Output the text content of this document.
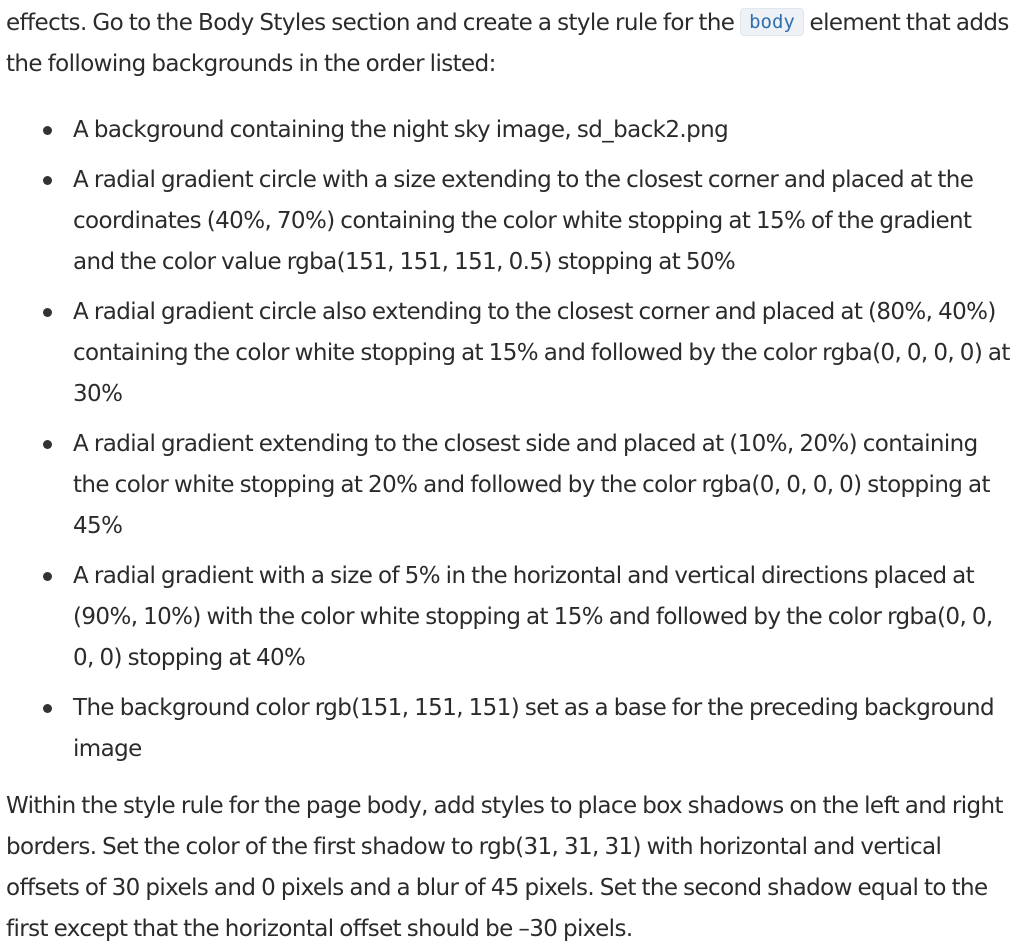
effects. Go to the Body Styles section and create a style rule for the body element that adds the following backgrounds in the order listed:

A background containing the night sky image, sd_back2.png
A radial gradient circle with a size extending to the closest corner and placed at the coordinates (40%, 70%) containing the color white stopping at 15% of the gradient and the color value rgba(151, 151, 151, 0.5) stopping at 50%
A radial gradient circle also extending to the closest corner and placed at (80%, 40%) containing the color white stopping at 15% and followed by the color rgba(0, 0, 0, 0) at 30%
A radial gradient extending to the closest side and placed at (10%, 20%) containing the color white stopping at 20% and followed by the color rgba(0, 0, 0, 0) stopping at 45%
A radial gradient with a size of 5% in the horizontal and vertical directions placed at (90%, 10%) with the color white stopping at 15% and followed by the color rgba(0, 0, 0, 0) stopping at 40%
The background color rgb(151, 151, 151) set as a base for the preceding background image

Within the style rule for the page body, add styles to place box shadows on the left and right borders. Set the color of the first shadow to rgb(31, 31, 31) with horizontal and vertical offsets of 30 pixels and 0 pixels and a blur of 45 pixels. Set the second shadow equal to the first except that the horizontal offset should be –30 pixels.
